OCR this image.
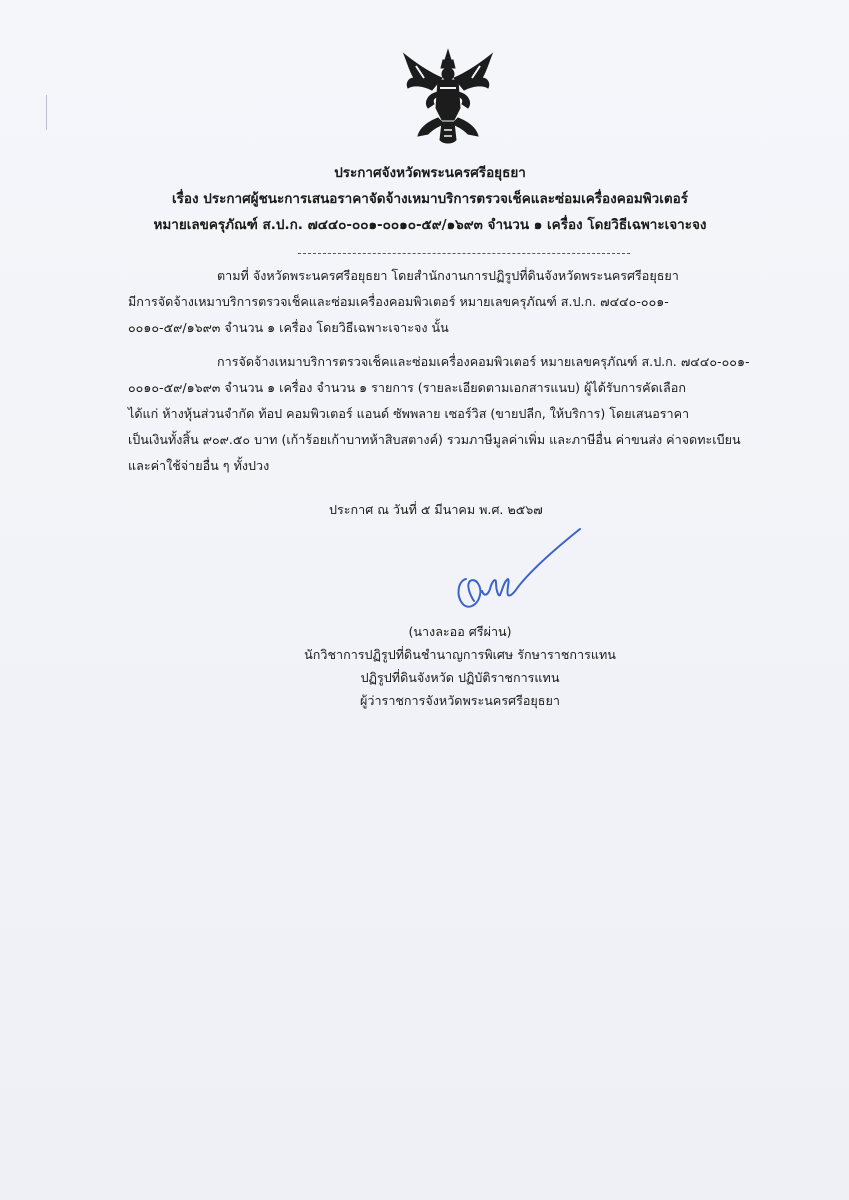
ประกาศจังหวัดพระนครศรีอยุธยา
เรื่อง ประกาศผู้ชนะการเสนอราคาจัดจ้างเหมาบริการตรวจเช็คและซ่อมเครื่องคอมพิวเตอร์
หมายเลขครุภัณฑ์ ส.ป.ก. ๗๔๔๐-๐๐๑-๐๐๑๐-๕๙/๑๖๙๓ จำนวน ๑ เครื่อง โดยวิธีเฉพาะเจาะจง
ตามที่ จังหวัดพระนครศรีอยุธยา โดยสำนักงานการปฏิรูปที่ดินจังหวัดพระนครศรีอยุธยา
มีการจัดจ้างเหมาบริการตรวจเช็คและซ่อมเครื่องคอมพิวเตอร์ หมายเลขครุภัณฑ์ ส.ป.ก. ๗๔๔๐-๐๐๑-
๐๐๑๐-๕๙/๑๖๙๓ จำนวน ๑ เครื่อง โดยวิธีเฉพาะเจาะจง นั้น
การจัดจ้างเหมาบริการตรวจเช็คและซ่อมเครื่องคอมพิวเตอร์ หมายเลขครุภัณฑ์ ส.ป.ก. ๗๔๔๐-๐๐๑-
๐๐๑๐-๕๙/๑๖๙๓ จำนวน ๑ เครื่อง จำนวน ๑ รายการ (รายละเอียดตามเอกสารแนบ) ผู้ได้รับการคัดเลือก
ได้แก่ ห้างหุ้นส่วนจำกัด ท้อป คอมพิวเตอร์ แอนด์ ซัพพลาย เซอร์วิส (ขายปลีก, ให้บริการ) โดยเสนอราคา
เป็นเงินทั้งสิ้น ๙๐๙.๕๐ บาท (เก้าร้อยเก้าบาทห้าสิบสตางค์) รวมภาษีมูลค่าเพิ่ม และภาษีอื่น ค่าขนส่ง ค่าจดทะเบียน
และค่าใช้จ่ายอื่น ๆ ทั้งปวง
ประกาศ ณ วันที่ ๕ มีนาคม พ.ศ. ๒๕๖๗
(นางละออ ศรีผ่าน)
นักวิชาการปฏิรูปที่ดินชำนาญการพิเศษ รักษาราชการแทน
ปฏิรูปที่ดินจังหวัด ปฏิบัติราชการแทน
ผู้ว่าราชการจังหวัดพระนครศรีอยุธยา
